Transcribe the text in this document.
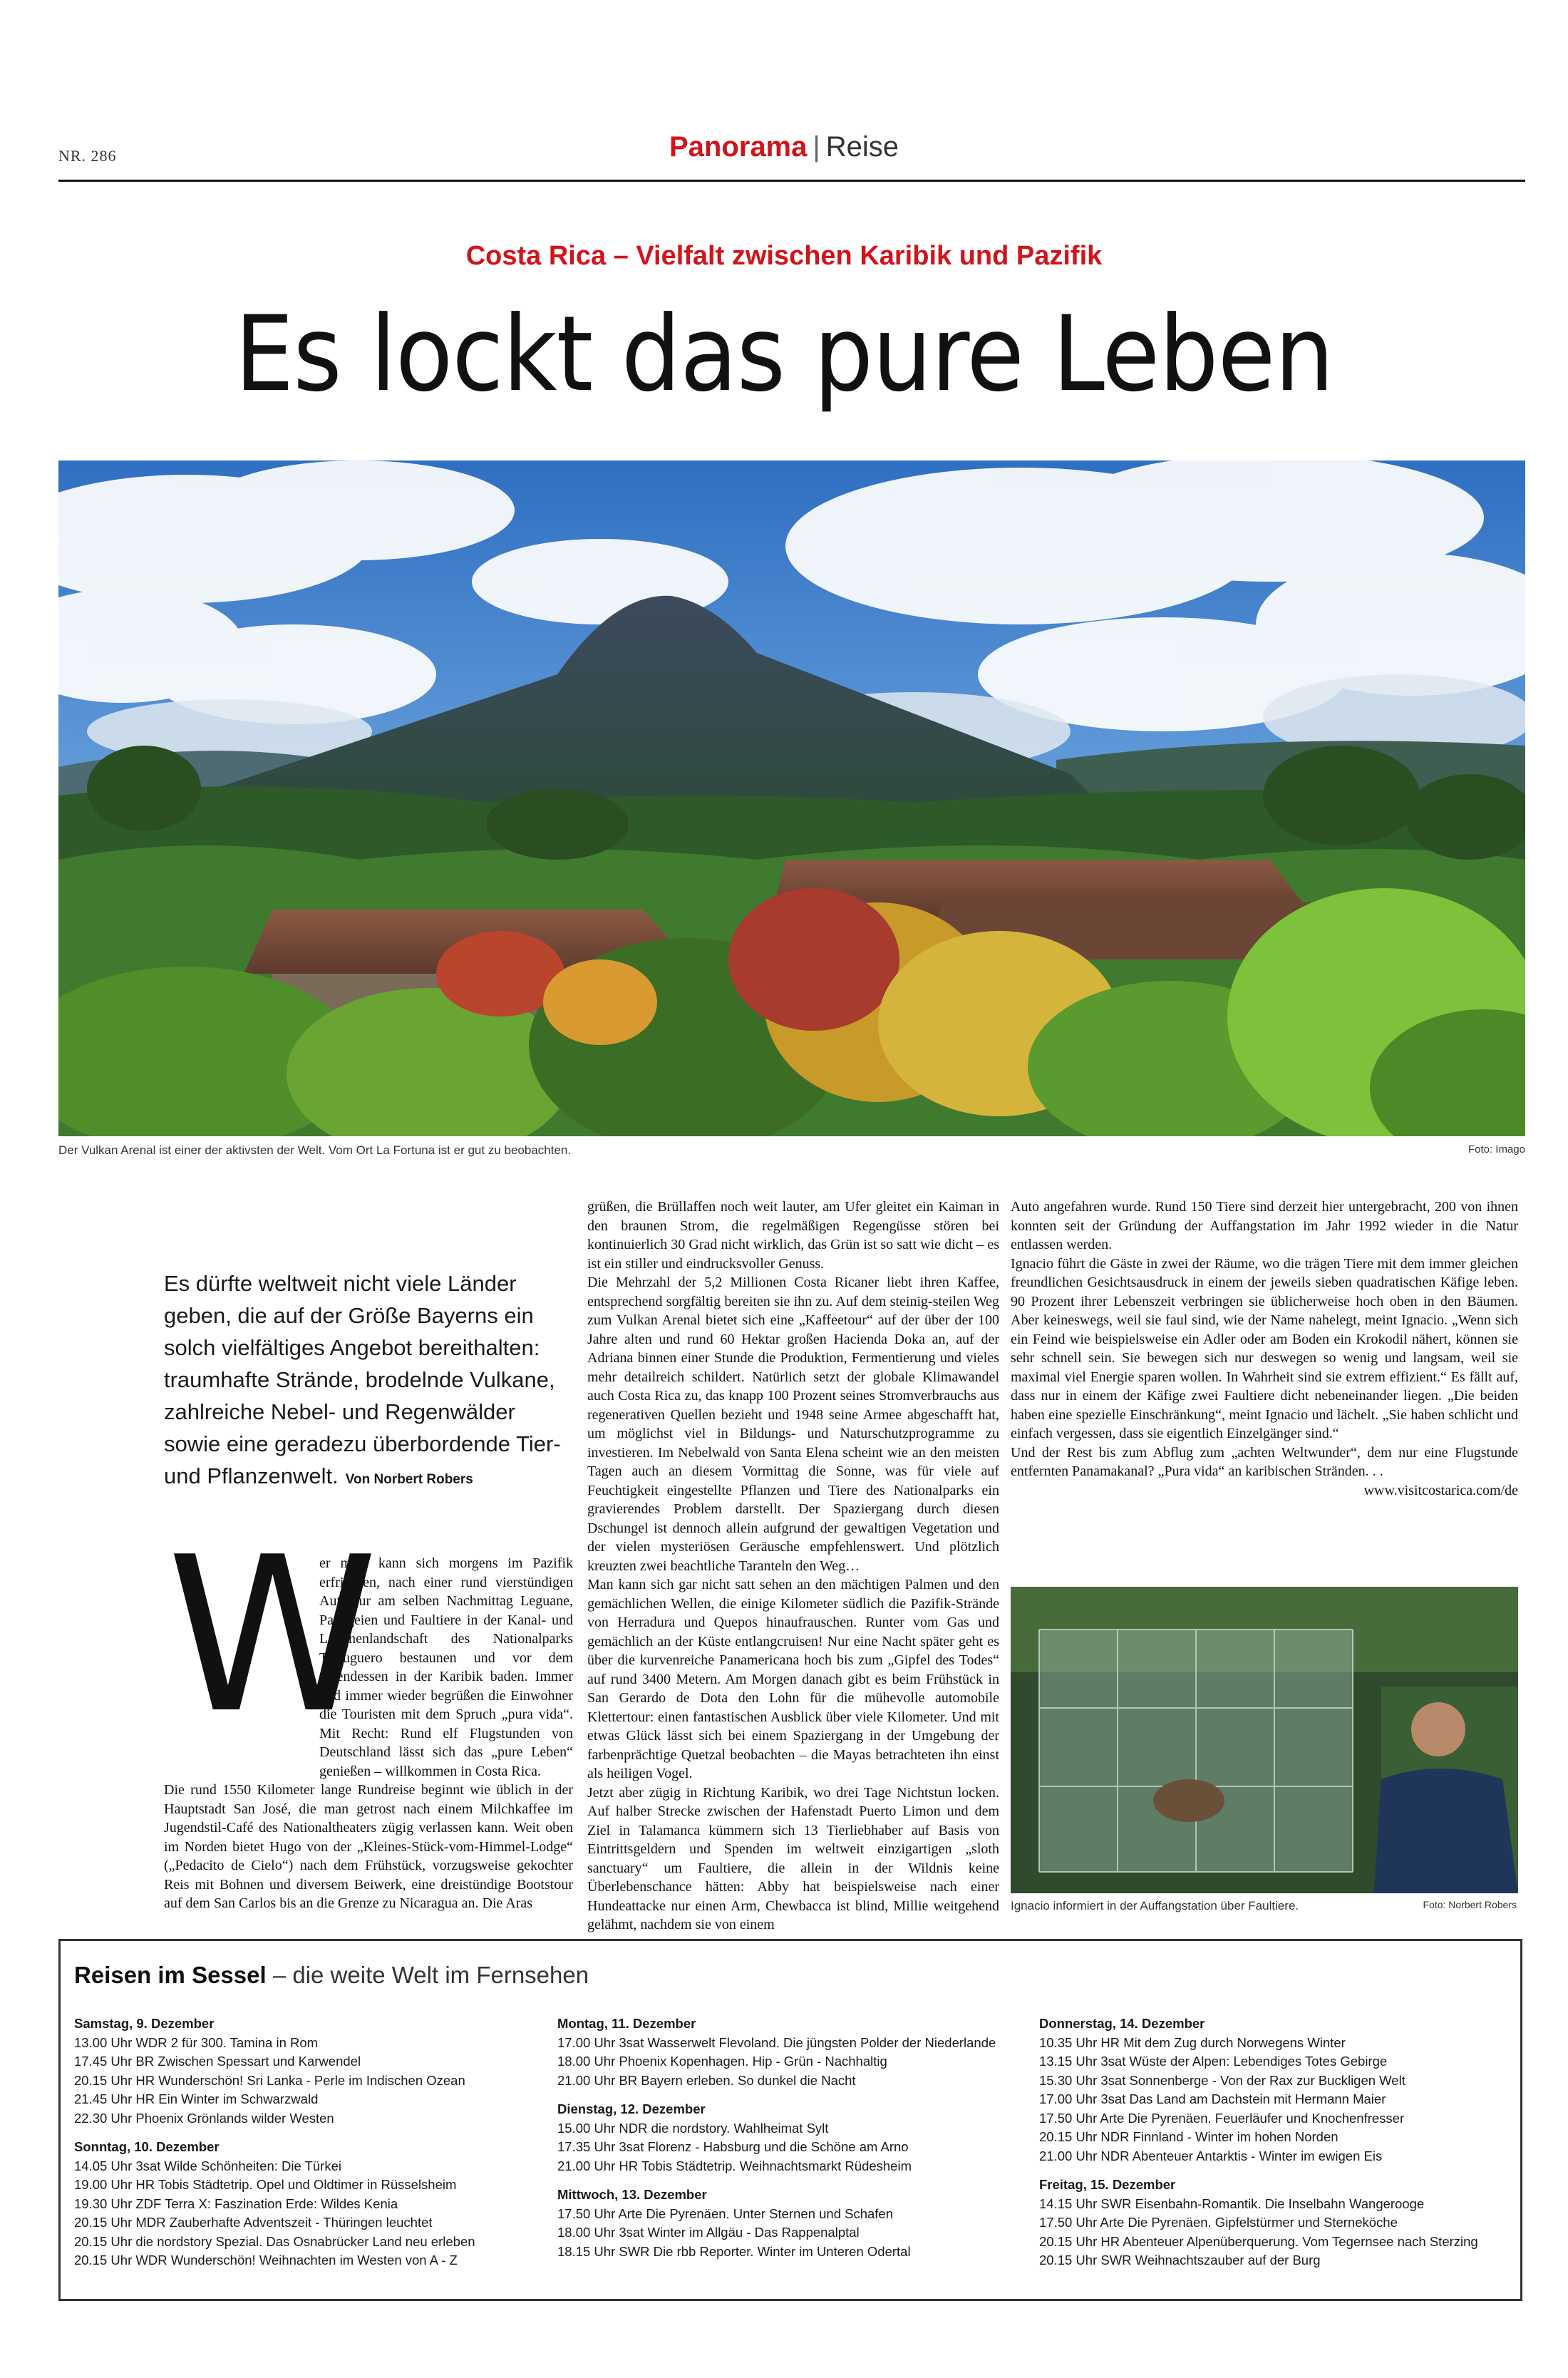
NR. 286	Panorama | Reise
Costa Rica – Vielfalt zwischen Karibik und Pazifik
Es lockt das pure Leben
Der Vulkan Arenal ist einer der aktivsten der Welt. Vom Ort La Fortuna ist er gut zu beobachten.	Foto: Imago
Es dürfte weltweit nicht viele Länder geben, die auf der Größe Bayerns ein solch vielfältiges Angebot bereithalten: traumhafte Strände, brodelnde Vulkane, zahlreiche Nebel- und Regenwälder sowie eine geradezu überbordende Tier- und Pflanzenwelt. Von Norbert Robers
W

er mag, kann sich morgens im Pazifik erfrischen, nach einer rund vierstündigen Autotour am selben Nachmittag Leguane, Papageien und Faultiere in der Kanal- und Lagunenlandschaft des Nationalparks Tortuguero bestaunen und vor dem Abendessen in der Karibik baden. Immer und immer wieder begrüßen die Einwohner die Touristen mit dem Spruch „pura vida“. Mit Recht: Rund elf Flugstunden von Deutschland lässt sich das „pure Leben“ genießen – willkommen in Costa Rica.

Die rund 1550 Kilometer lange Rundreise beginnt wie üblich in der Hauptstadt San José, die man getrost nach einem Milchkaffee im Jugendstil-Café des Nationaltheaters zügig verlassen kann. Weit oben im Norden bietet Hugo von der „Kleines-Stück-vom-Himmel-Lodge“ („Pedacito de Cielo“) nach dem Frühstück, vorzugsweise gekochter Reis mit Bohnen und diversem Beiwerk, eine dreistündige Bootstour auf dem San Carlos bis an die Grenze zu Nicaragua an. Die Aras

grüßen, die Brüllaffen noch weit lauter, am Ufer gleitet ein Kaiman in den braunen Strom, die regelmäßigen Regengüsse stören bei kontinuierlich 30 Grad nicht wirklich, das Grün ist so satt wie dicht – es ist ein stiller und eindrucksvoller Genuss.

Die Mehrzahl der 5,2 Millionen Costa Ricaner liebt ihren Kaffee, entsprechend sorgfältig bereiten sie ihn zu. Auf dem steinig-steilen Weg zum Vulkan Arenal bietet sich eine „Kaffeetour“ auf der über der 100 Jahre alten und rund 60 Hektar großen Hacienda Doka an, auf der Adriana binnen einer Stunde die Produktion, Fermentierung und vieles mehr detailreich schildert. Natürlich setzt der globale Klimawandel auch Costa Rica zu, das knapp 100 Prozent seines Stromverbrauchs aus regenerativen Quellen bezieht und 1948 seine Armee abgeschafft hat, um möglichst viel in Bildungs- und Naturschutzprogramme zu investieren. Im Nebelwald von Santa Elena scheint wie an den meisten Tagen auch an diesem Vormittag die Sonne, was für viele auf Feuchtigkeit eingestellte Pflanzen und Tiere des Nationalparks ein gravierendes Problem darstellt. Der Spaziergang durch diesen Dschungel ist dennoch allein aufgrund der gewaltigen Vegetation und der vielen mysteriösen Geräusche empfehlenswert. Und plötzlich kreuzten zwei beachtliche Taranteln den Weg…

Man kann sich gar nicht satt sehen an den mächtigen Palmen und den gemächlichen Wellen, die einige Kilometer südlich die Pazifik-Strände von Herradura und Quepos hinaufrauschen. Runter vom Gas und gemächlich an der Küste entlangcruisen! Nur eine Nacht später geht es über die kurvenreiche Panamericana hoch bis zum „Gipfel des Todes“ auf rund 3400 Metern. Am Morgen danach gibt es beim Frühstück in San Gerardo de Dota den Lohn für die mühevolle automobile Klettertour: einen fantastischen Ausblick über viele Kilometer. Und mit etwas Glück lässt sich bei einem Spaziergang in der Umgebung der farbenprächtige Quetzal beobachten – die Mayas betrachteten ihn einst als heiligen Vogel.

Jetzt aber zügig in Richtung Karibik, wo drei Tage Nichtstun locken. Auf halber Strecke zwischen der Hafenstadt Puerto Limon und dem Ziel in Talamanca kümmern sich 13 Tierliebhaber auf Basis von Eintrittsgeldern und Spenden im weltweit einzigartigen „sloth sanctuary“ um Faultiere, die allein in der Wildnis keine Überlebenschance hätten: Abby hat beispielsweise nach einer Hundeattacke nur einen Arm, Chewbacca ist blind, Millie weitgehend gelähmt, nachdem sie von einem

Auto angefahren wurde. Rund 150 Tiere sind derzeit hier untergebracht, 200 von ihnen konnten seit der Gründung der Auffangstation im Jahr 1992 wieder in die Natur entlassen werden.

Ignacio führt die Gäste in zwei der Räume, wo die trägen Tiere mit dem immer gleichen freundlichen Gesichtsausdruck in einem der jeweils sieben quadratischen Käfige leben. 90 Prozent ihrer Lebenszeit verbringen sie üblicherweise hoch oben in den Bäumen. Aber keineswegs, weil sie faul sind, wie der Name nahelegt, meint Ignacio. „Wenn sich ein Feind wie beispielsweise ein Adler oder am Boden ein Krokodil nähert, können sie sehr schnell sein. Sie bewegen sich nur deswegen so wenig und langsam, weil sie maximal viel Energie sparen wollen. In Wahrheit sind sie extrem effizient.“ Es fällt auf, dass nur in einem der Käfige zwei Faultiere dicht nebeneinander liegen. „Die beiden haben eine spezielle Einschränkung“, meint Ignacio und lächelt. „Sie haben schlicht und einfach vergessen, dass sie eigentlich Einzelgänger sind.“

Und der Rest bis zum Abflug zum „achten Weltwunder“, dem nur eine Flugstunde entfernten Panamakanal? „Pura vida“ an karibischen Stränden. . .
www.visitcostarica.com/de

Ignacio informiert in der Auffangstation über Faultiere.	Foto: Norbert Robers
Reisen im Sessel – die weite Welt im Fernsehen
Samstag, 9. Dezember
13.00 Uhr WDR 2 für 300. Tamina in Rom
17.45 Uhr BR Zwischen Spessart und Karwendel
20.15 Uhr HR Wunderschön! Sri Lanka - Perle im Indischen Ozean
21.45 Uhr HR Ein Winter im Schwarzwald
22.30 Uhr Phoenix Grönlands wilder Westen
Sonntag, 10. Dezember
14.05 Uhr 3sat Wilde Schönheiten: Die Türkei
19.00 Uhr HR Tobis Städtetrip. Opel und Oldtimer in Rüsselsheim
19.30 Uhr ZDF Terra X: Faszination Erde: Wildes Kenia
20.15 Uhr MDR Zauberhafte Adventszeit - Thüringen leuchtet
20.15 Uhr die nordstory Spezial. Das Osnabrücker Land neu erleben
20.15 Uhr WDR Wunderschön! Weihnachten im Westen von A - Z
Montag, 11. Dezember
17.00 Uhr 3sat Wasserwelt Flevoland. Die jüngsten Polder der Niederlande
18.00 Uhr Phoenix Kopenhagen. Hip - Grün - Nachhaltig
21.00 Uhr BR Bayern erleben. So dunkel die Nacht
Dienstag, 12. Dezember
15.00 Uhr NDR die nordstory. Wahlheimat Sylt
17.35 Uhr 3sat Florenz - Habsburg und die Schöne am Arno
21.00 Uhr HR Tobis Städtetrip. Weihnachtsmarkt Rüdesheim
Mittwoch, 13. Dezember
17.50 Uhr Arte Die Pyrenäen. Unter Sternen und Schafen
18.00 Uhr 3sat Winter im Allgäu - Das Rappenalptal
18.15 Uhr SWR Die rbb Reporter. Winter im Unteren Odertal
Donnerstag, 14. Dezember
10.35 Uhr HR Mit dem Zug durch Norwegens Winter
13.15 Uhr 3sat Wüste der Alpen: Lebendiges Totes Gebirge
15.30 Uhr 3sat Sonnenberge - Von der Rax zur Buckligen Welt
17.00 Uhr 3sat Das Land am Dachstein mit Hermann Maier
17.50 Uhr Arte Die Pyrenäen. Feuerläufer und Knochenfresser
20.15 Uhr NDR Finnland - Winter im hohen Norden
21.00 Uhr NDR Abenteuer Antarktis - Winter im ewigen Eis
Freitag, 15. Dezember
14.15 Uhr SWR Eisenbahn-Romantik. Die Inselbahn Wangerooge
17.50 Uhr Arte Die Pyrenäen. Gipfelstürmer und Sterneköche
20.15 Uhr HR Abenteuer Alpenüberquerung. Vom Tegernsee nach Sterzing
20.15 Uhr SWR Weihnachtszauber auf der Burg
